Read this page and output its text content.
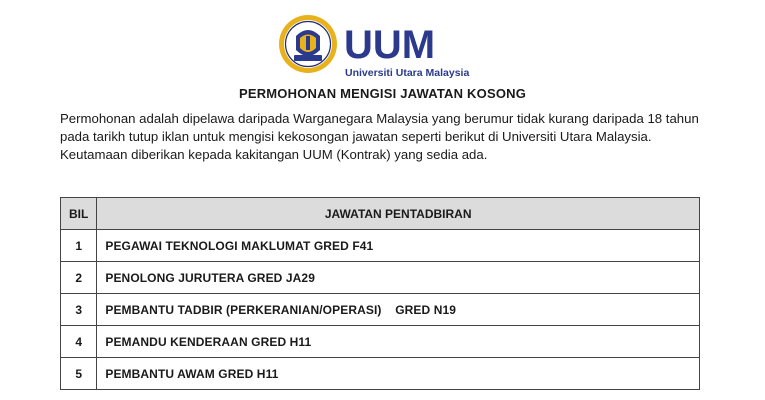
UUM
Universiti Utara Malaysia
PERMOHONAN MENGISI JAWATAN KOSONG

Permohonan adalah dipelawa daripada Warganegara Malaysia yang berumur tidak kurang daripada 18 tahun pada tarikh tutup iklan untuk mengisi kekosongan jawatan seperti berikut di Universiti Utara Malaysia. Keutamaan diberikan kepada kakitangan UUM (Kontrak) yang sedia ada.

BIL	JAWATAN PENTADBIRAN
1	PEGAWAI TEKNOLOGI MAKLUMAT GRED F41
2	PENOLONG JURUTERA GRED JA29
3	PEMBANTU TADBIR (PERKERANIAN/OPERASI)    GRED N19
4	PEMANDU KENDERAAN GRED H11
5	PEMBANTU AWAM GRED H11
